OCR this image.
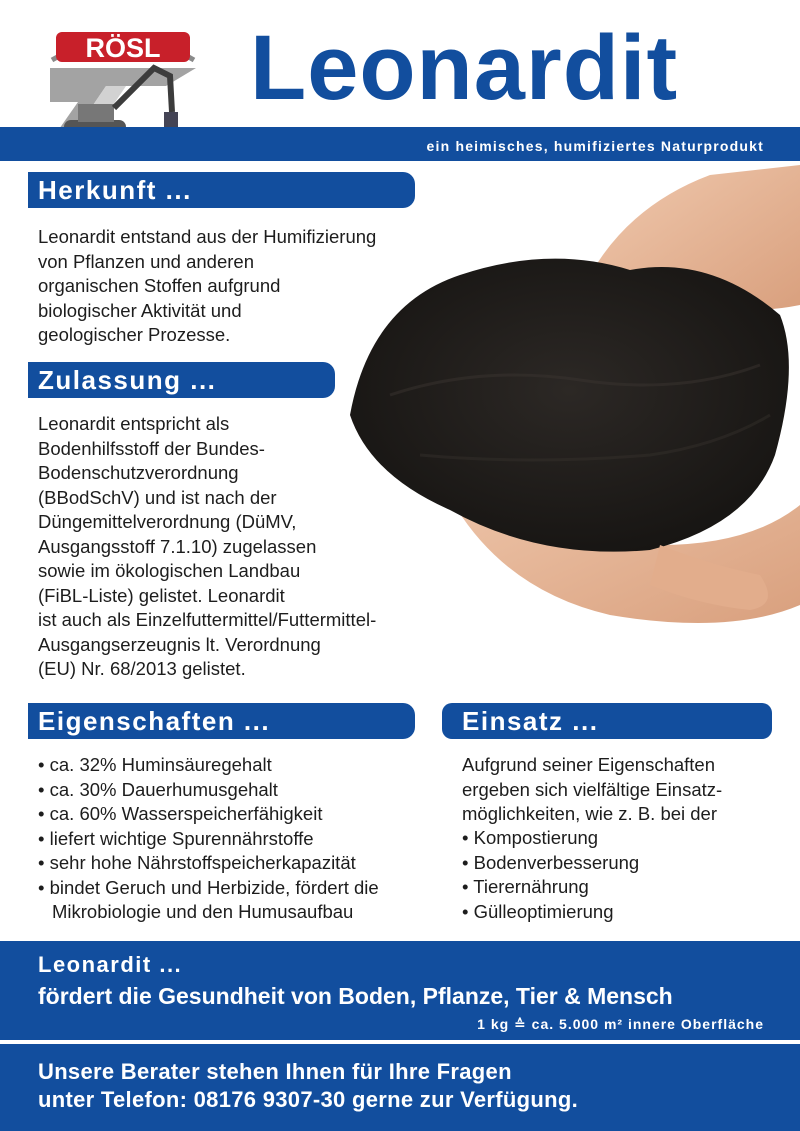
RÖSL Leonardit
ein heimisches, humifiziertes Naturprodukt
Herkunft ...
Leonardit entstand aus der Humifizierung
von Pflanzen und anderen
organischen Stoffen aufgrund
biologischer Aktivität und
geologischer Prozesse.
Zulassung ...
Leonardit entspricht als
Bodenhilfsstoff der Bundes-
Bodenschutzverordnung
(BBodSchV) und ist nach der
Düngemittelverordnung (DüMV,
Ausgangsstoff 7.1.10) zugelassen
sowie im ökologischen Landbau
(FiBL-Liste) gelistet. Leonardit
ist auch als Einzelfuttermittel/Futtermittel-
Ausgangserzeugnis lt. Verordnung
(EU) Nr. 68/2013 gelistet.
Eigenschaften ...
• ca. 32% Huminsäuregehalt
• ca. 30% Dauerhumusgehalt
• ca. 60% Wasserspeicherfähigkeit
• liefert wichtige Spurennährstoffe
• sehr hohe Nährstoffspeicherkapazität
• bindet Geruch und Herbizide, fördert die Mikrobiologie und den Humusaufbau
Einsatz ...
Aufgrund seiner Eigenschaften
ergeben sich vielfältige Einsatz-
möglichkeiten, wie z. B. bei der
• Kompostierung
• Bodenverbesserung
• Tierernährung
• Gülleoptimierung
Leonardit ...
fördert die Gesundheit von Boden, Pflanze, Tier & Mensch
1 kg ≙ ca. 5.000 m² innere Oberfläche
Unsere Berater stehen Ihnen für Ihre Fragen
unter Telefon: 08176 9307-30 gerne zur Verfügung.
